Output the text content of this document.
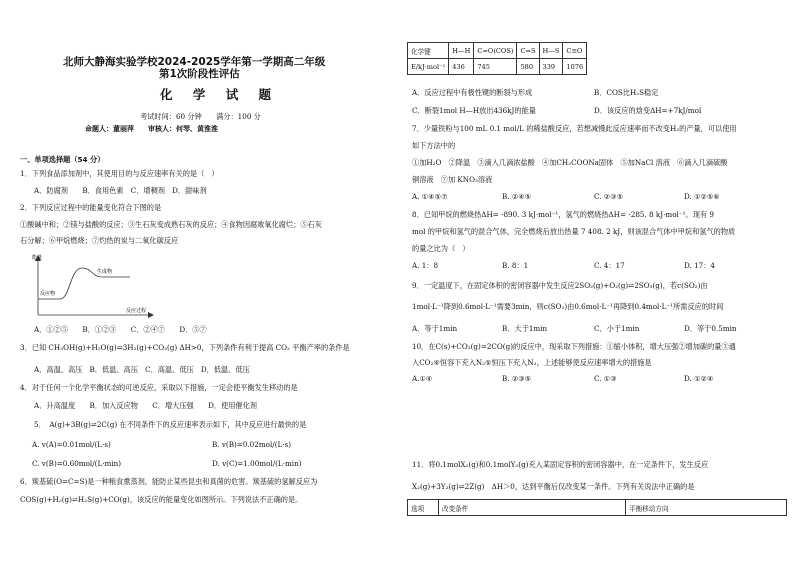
北师大静海实验学校2024-2025学年第一学期高二年级
第1次阶段性评估
化 学 试 题
考试时间：60 分钟　　满分：100 分
命题人：董丽萍　　审核人：何琴、黄淮淮
一、单项选择题（54 分）
1．下列食品添加剂中，其使用目的与反应速率有关的是（　）
A．防腐剂　　B．食用色素　C．增稠剂　D．甜味剂
2．下列反应过程中的能量变化符合下图的是
①酸碱中和；②镁与盐酸的反应；③生石灰变成熟石灰的反应；④食物因腐败氧化腐烂；⑤石灰
石分解；⑥甲烷燃烧；⑦灼热的炭与二氧化碳反应
能量
生成物
反应物
反应过程
A．①②⑤　　B．①②③　　C．②④⑦　　D．⑤⑦
3．已知 CH₃OH(g)+H₂O(g)⇌3H₂(g)+CO₂(g) ΔH>0，下列条件有利于提高 CO₂ 平衡产率的条件是
A．高温、高压　B．低温、高压　C．高温、低压　D．低温、低压
4．对于任何一个化学平衡状态的可逆反应，采取以下措施，一定会使平衡发生移动的是
A．升高温度　　B．加入反应物　　C．增大压强　　D．使用催化剂
5．　A(g)+3B(g)⇌2C(g) 在不同条件下的反应速率表示如下，其中反应进行最快的是
A. v(A)=0.01mol/(L·s)	B. v(B)=0.02mol/(L·s)
C. v(B)=0.60mol/(L·min)	D. v(C)=1.00mol/(L·min)
6．羰基硫(O=C=S)是一种粮食熏蒸剂，能防止某些昆虫和真菌的危害。羰基硫的氢解反应为
COS(g)+H₂(g)⇌H₂S(g)+CO(g)，该反应的能量变化如图所示。下列说法不正确的是。
化学键	H—H	C=O(COS)	C=S	H—S	C≡O
E/kJ·mol⁻¹	436	745	580	339	1076
A．反应过程中有极性键的断裂与形成	B．COS比H₂S稳定
C．断裂1mol H—H放出436kJ的能量	D．该反应的焓变ΔH=+7kJ/mol
7．少量铁粉与100 mL 0.1 mol/L 的稀盐酸反应，若想减慢此反应速率而不改变H₂的产量，可以使用
如下方法中的
①加H₂O　②降温　③滴入几滴浓盐酸　④加CH₃COONa固体　⑤加NaCl 溶液　⑥滴入几滴硫酸
铜溶液　⑦加 KNO₃溶液
A. ①④⑤⑦	B. ②④⑤	C. ②③⑤	D. ①②⑤⑥
8．已知甲烷的燃烧热ΔH= -890. 3 kJ·mol⁻¹，氢气的燃烧热ΔH= -285. 8 kJ·mol⁻¹。现有 9
mol 的甲烷和氢气的混合气体，完全燃烧后放出热量 7 408. 2 kJ，则该混合气体中甲烷和氢气的物质
的量之比为（　）
A. 1：8	B. 8：1	C. 4：17	D. 17：4
9．一定温度下，在固定体积的密闭容器中发生反应2SO₂(g)+O₂(g)⇌2SO₃(g)，若c(SO₂)由
1mol·L⁻¹降到0.6mol·L⁻¹需要3min，则c(SO₂)由0.6mol·L⁻¹再降到0.4mol·L⁻¹所需反应的时间
A．等于1min	B．大于1min	C．小于1min	D．等于0.5min
10．在C(s)+CO₂(g)=2CO(g)的反应中，现采取下列措施：①缩小体积，增大压强②增加碳的量③通
入CO₂④恒容下充入N₂⑤恒压下充入N₂，上述能够使反应速率增大的措施是
A.①④	B. ②③⑤	C. ①③	D. ①②④
11．将0.1molX₂(g)和0.1molY₂(g)充入某固定容积的密闭容器中，在一定条件下，发生反应
X₂(g)+3Y₂(g)⇌2Z(g)　ΔH＞0，达到平衡后仅改变某一条件。下列有关说法中正确的是
选项	改变条件	平衡移动方向
